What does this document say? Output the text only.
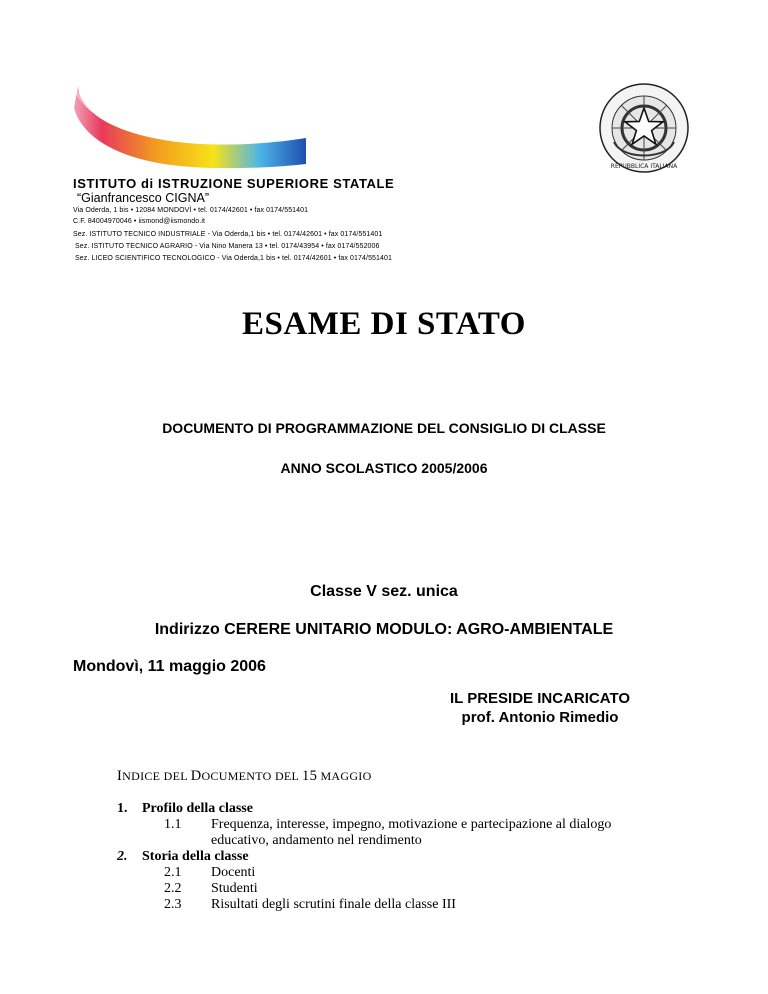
REPUBBLICA ITALIANA
ISTITUTO di ISTRUZIONE SUPERIORE STATALE
“Gianfrancesco CIGNA”
Via Oderda, 1 bis • 12084 MONDOVÌ • tel. 0174/42601 • fax 0174/551401
C.F. 84004970046 • iismond@iismondo.it
Sez. ISTITUTO TECNICO INDUSTRIALE - Via Oderda,1 bis • tel. 0174/42601 • fax 0174/551401
Sez. ISTITUTO TECNICO AGRARIO - Via Nino Manera 13 • tel. 0174/43954 • fax 0174/552006
Sez. LICEO SCIENTIFICO TECNOLOGICO - Via Oderda,1 bis • tel. 0174/42601 • fax 0174/551401
ESAME DI STATO
DOCUMENTO DI PROGRAMMAZIONE DEL CONSIGLIO DI CLASSE
ANNO SCOLASTICO 2005/2006
Classe V sez. unica
Indirizzo CERERE UNITARIO MODULO: AGRO-AMBIENTALE
Mondovì, 11 maggio 2006
IL PRESIDE INCARICATO
prof. Antonio Rimedio
INDICE DEL DOCUMENTO DEL 15 MAGGIO
1. Profilo della classe
1.1 Frequenza, interesse, impegno, motivazione e partecipazione al dialogo
educativo, andamento nel rendimento
2. Storia della classe
2.1 Docenti
2.2 Studenti
2.3 Risultati degli scrutini finale della classe III
